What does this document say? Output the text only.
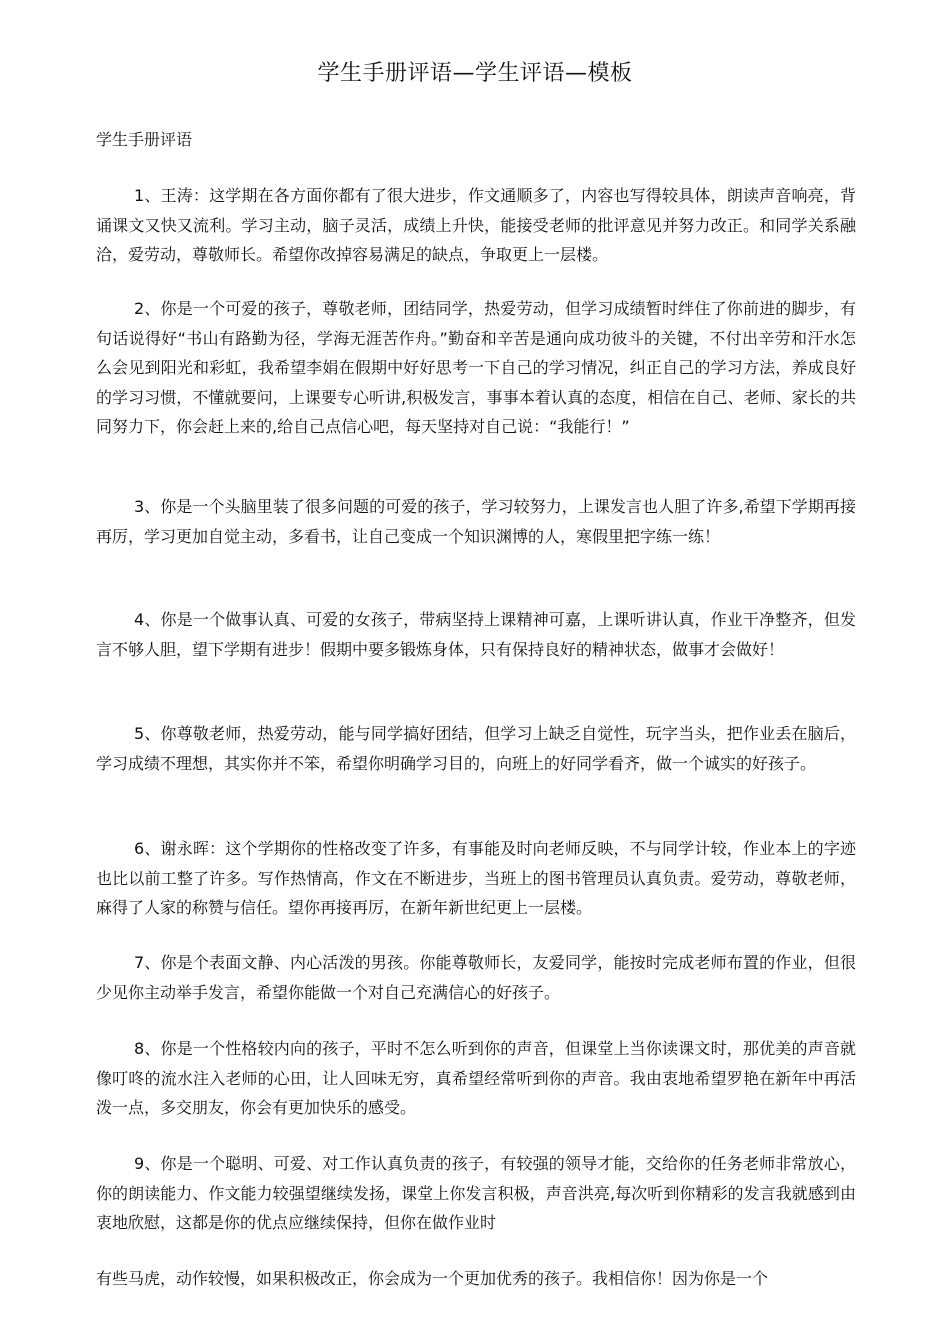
学生手册评语—学生评语—模板
学生手册评语

1、王涛：这学期在各方面你都有了很大进步，作文通顺多了，内容也写得较具体，朗读声音响亮，背诵课文又快又流利。学习主动，脑子灵活，成绩上升快，能接受老师的批评意见并努力改正。和同学关系融洽，爱劳动，尊敬师长。希望你改掉容易满足的缺点，争取更上一层楼。

2、你是一个可爱的孩子，尊敬老师，团结同学，热爱劳动，但学习成绩暂时绊住了你前进的脚步，有句话说得好“书山有路勤为径，学海无涯苦作舟。”勤奋和辛苦是通向成功彼斗的关键，不付出辛劳和汗水怎么会见到阳光和彩虹，我希望李娟在假期中好好思考一下自己的学习情况，纠正自己的学习方法，养成良好的学习习惯，不懂就要问，上课要专心听讲,积极发言，事事本着认真的态度，相信在自己、老师、家长的共同努力下，你会赶上来的,给自己点信心吧，每天坚持对自己说：“我能行！”

3、你是一个头脑里装了很多问题的可爱的孩子，学习较努力，上课发言也人胆了许多,希望下学期再接再厉，学习更加自觉主动，多看书，让自己变成一个知识渊博的人，寒假里把字练一练！

4、你是一个做事认真、可爱的女孩子，带病坚持上课精神可嘉，上课听讲认真，作业干净整齐，但发言不够人胆，望下学期有进步！假期中要多锻炼身体，只有保持良好的精神状态，做事才会做好！

5、你尊敬老师，热爱劳动，能与同学搞好团结，但学习上缺乏自觉性，玩字当头，把作业丢在脑后，学习成绩不理想，其实你并不笨，希望你明确学习目的，向班上的好同学看齐，做一个诚实的好孩子。

6、谢永晖：这个学期你的性格改变了许多，有事能及时向老师反映，不与同学计较，作业本上的字迹也比以前工整了许多。写作热情高，作文在不断进步，当班上的图书管理员认真负责。爱劳动，尊敬老师，麻得了人家的称赞与信任。望你再接再厉，在新年新世纪更上一层楼。

7、你是个表面文静、内心活泼的男孩。你能尊敬师长，友爱同学，能按时完成老师布置的作业，但很少见你主动举手发言，希望你能做一个对自己充满信心的好孩子。

8、你是一个性格较内向的孩子，平时不怎么听到你的声音，但课堂上当你读课文时，那优美的声音就像叮咚的流水注入老师的心田，让人回味无穷，真希望经常听到你的声音。我由衷地希望罗艳在新年中再活泼一点，多交朋友，你会有更加快乐的感受。

9、你是一个聪明、可爱、对工作认真负责的孩子，有较强的领导才能，交给你的任务老师非常放心，你的朗读能力、作文能力较强望继续发扬，课堂上你发言积极，声音洪亮,每次听到你精彩的发言我就感到由衷地欣慰，这都是你的优点应继续保持，但你在做作业时

有些马虎，动作较慢，如果积极改正，你会成为一个更加优秀的孩子。我相信你！因为你是一个
